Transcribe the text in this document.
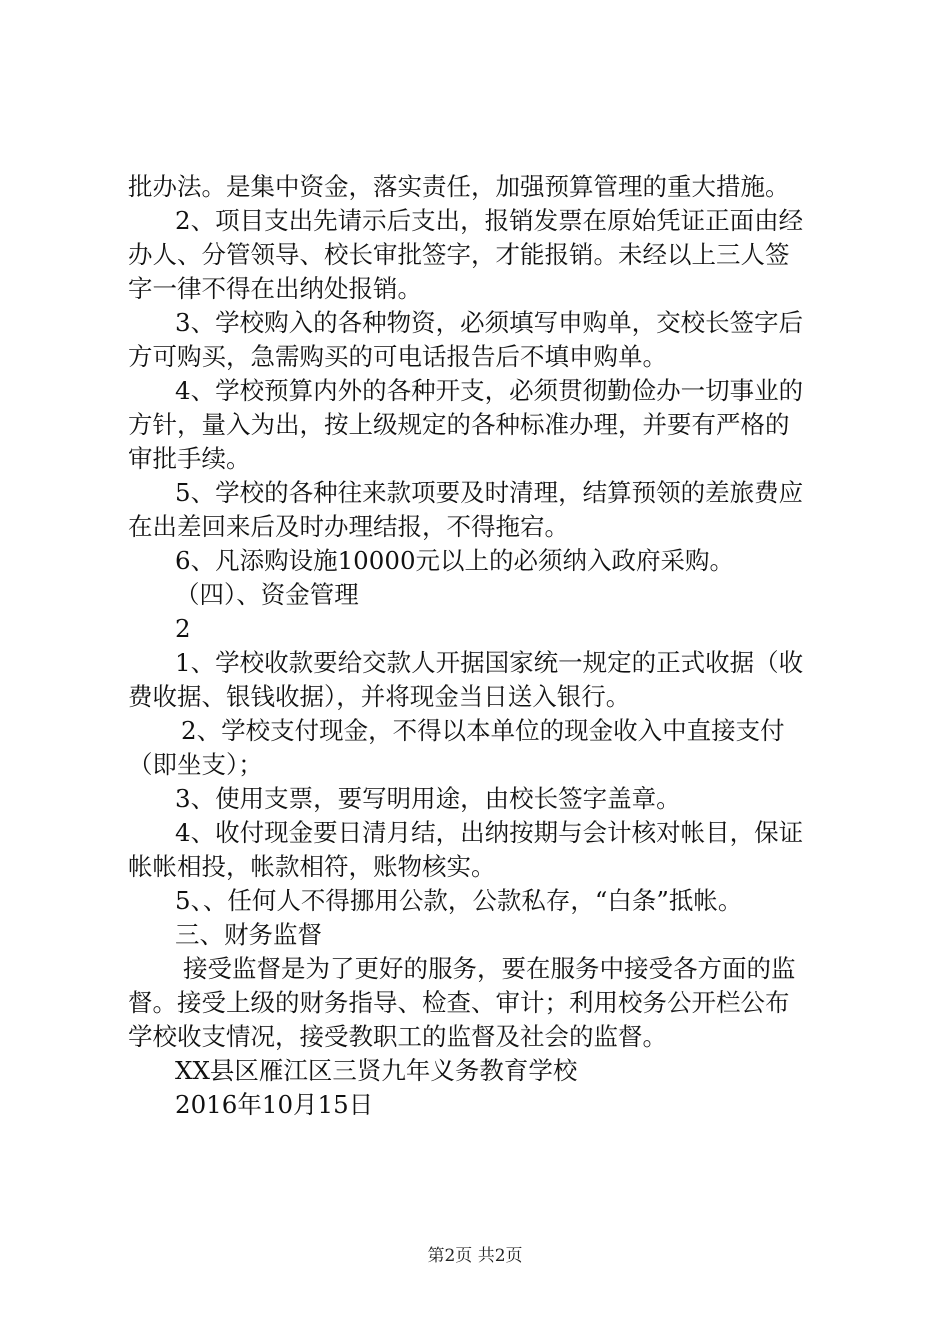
批办法。是集中资金，落实责任，加强预算管理的重大措施。
2、项目支出先请示后支出，报销发票在原始凭证正面由经
办人、分管领导、校长审批签字，才能报销。未经以上三人签
字一律不得在出纳处报销。
3、学校购入的各种物资，必须填写申购单，交校长签字后
方可购买，急需购买的可电话报告后不填申购单。
4、学校预算内外的各种开支，必须贯彻勤俭办一切事业的
方针，量入为出，按上级规定的各种标准办理，并要有严格的
审批手续。
5、学校的各种往来款项要及时清理，结算预领的差旅费应
在出差回来后及时办理结报，不得拖宕。
6、凡添购设施10000元以上的必须纳入政府采购。
（四）、资金管理
2
1、学校收款要给交款人开据国家统一规定的正式收据（收
费收据、银钱收据），并将现金当日送入银行。
2、学校支付现金，不得以本单位的现金收入中直接支付
（即坐支）；
3、使用支票，要写明用途，由校长签字盖章。
4、收付现金要日清月结，出纳按期与会计核对帐目，保证
帐帐相投，帐款相符，账物核实。
5、、任何人不得挪用公款，公款私存，“白条”抵帐。
三、财务监督
接受监督是为了更好的服务，要在服务中接受各方面的监
督。接受上级的财务指导、检查、审计；利用校务公开栏公布
学校收支情况，接受教职工的监督及社会的监督。
XX县区雁江区三贤九年义务教育学校
2016年10月15日
第2页 共2页
